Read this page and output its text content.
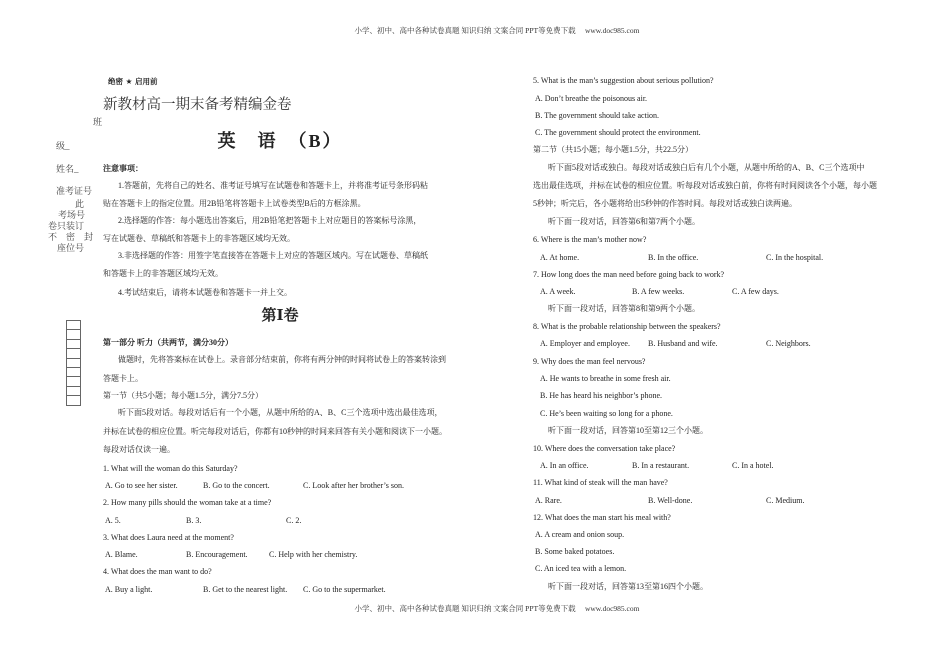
小学、初中、高中各种试卷真题 知识归纳 文案合同 PPT等免费下载　 www.doc985.com
小学、初中、高中各种试卷真题 知识归纳 文案合同 PPT等免费下载　 www.doc985.com
绝密 ★ 启用前
新教材高一期末备考精编金卷
班
英　语　（B）
级_
姓名_	注意事项：
准考证号
1.答题前，先将自己的姓名、准考证号填写在试题卷和答题卡上，并将准考证号条形码粘
此 贴在答题卡上的指定位置。用2B铅笔将答题卡上试卷类型B后的方框涂黑。
考场号
卷只装订
2.选择题的作答：每小题选出答案后，用2B铅笔把答题卡上对应题目的答案标号涂黑，
不　密　封
座位号
写在试题卷、草稿纸和答题卡上的非答题区域均无效。
3.非选择题的作答：用签字笔直接答在答题卡上对应的答题区域内。写在试题卷、草稿纸
和答题卡上的非答题区域均无效。
4.考试结束后，请将本试题卷和答题卡一并上交。
第Ⅰ卷
第一部分 听力（共两节，满分30分）
做题时，先将答案标在试卷上。录音部分结束前，你将有两分钟的时间将试卷上的答案转涂到
答题卡上。
第一节（共5小题；每小题1.5分，满分7.5分）
听下面5段对话。每段对话后有一个小题，从题中所给的A、B、C三个选项中选出最佳选项，
并标在试卷的相应位置。听完每段对话后，你都有10秒钟的时间来回答有关小题和阅读下一小题。
每段对话仅读一遍。
第二节（共15小题；每小题1.5分，共22.5分）
听下面5段对话或独白。每段对话或独白后有几个小题，从题中所给的A、B、C三个选项中
选出最佳选项，并标在试卷的相应位置。听每段对话或独白前，你将有时间阅读各个小题，每小题
5秒钟；听完后，各小题将给出5秒钟的作答时间。每段对话或独白读两遍。
听下面一段对话，回答第6和第7两个小题。
听下面一段对话，回答第8和第9两个小题。
听下面一段对话，回答第10至第12三个小题。
听下面一段对话，回答第13至第16四个小题。
1. What will the woman do this Saturday?
A. Go to see her sister.	B. Go to the concert.	C. Look after her brother’s son.
2. How many pills should the woman take at a time?
A. 5.	B. 3.	C. 2.
3. What does Laura need at the moment?
A. Blame.	B. Encouragement.	C. Help with her chemistry.
4. What does the man want to do?
A. Buy a light.	B. Get to the nearest light. C. Go to the supermarket.
5. What is the man’s suggestion about serious pollution?
A. Don’t breathe the poisonous air.
B. The government should take action.
C. The government should protect the environment.
6. Where is the man’s mother now?
A. At home.	B. In the office.	C. In the hospital.
7. How long does the man need before going back to work?
A. A week.	B. A few weeks.	C. A few days.
8. What is the probable relationship between the speakers?
A. Employer and employee. B. Husband and wife.	C. Neighbors.
9. Why does the man feel nervous?
A. He wants to breathe in some fresh air.
B. He has heard his neighbor’s phone.
C. He’s been waiting so long for a phone.
10. Where does the conversation take place?
A. In an office.	B. In a restaurant.	C. In a hotel.
11. What kind of steak will the man have?
A. Rare.	B. Well-done.	C. Medium.
12. What does the man start his meal with?
A. A cream and onion soup.
B. Some baked potatoes.
C. An iced tea with a lemon.
